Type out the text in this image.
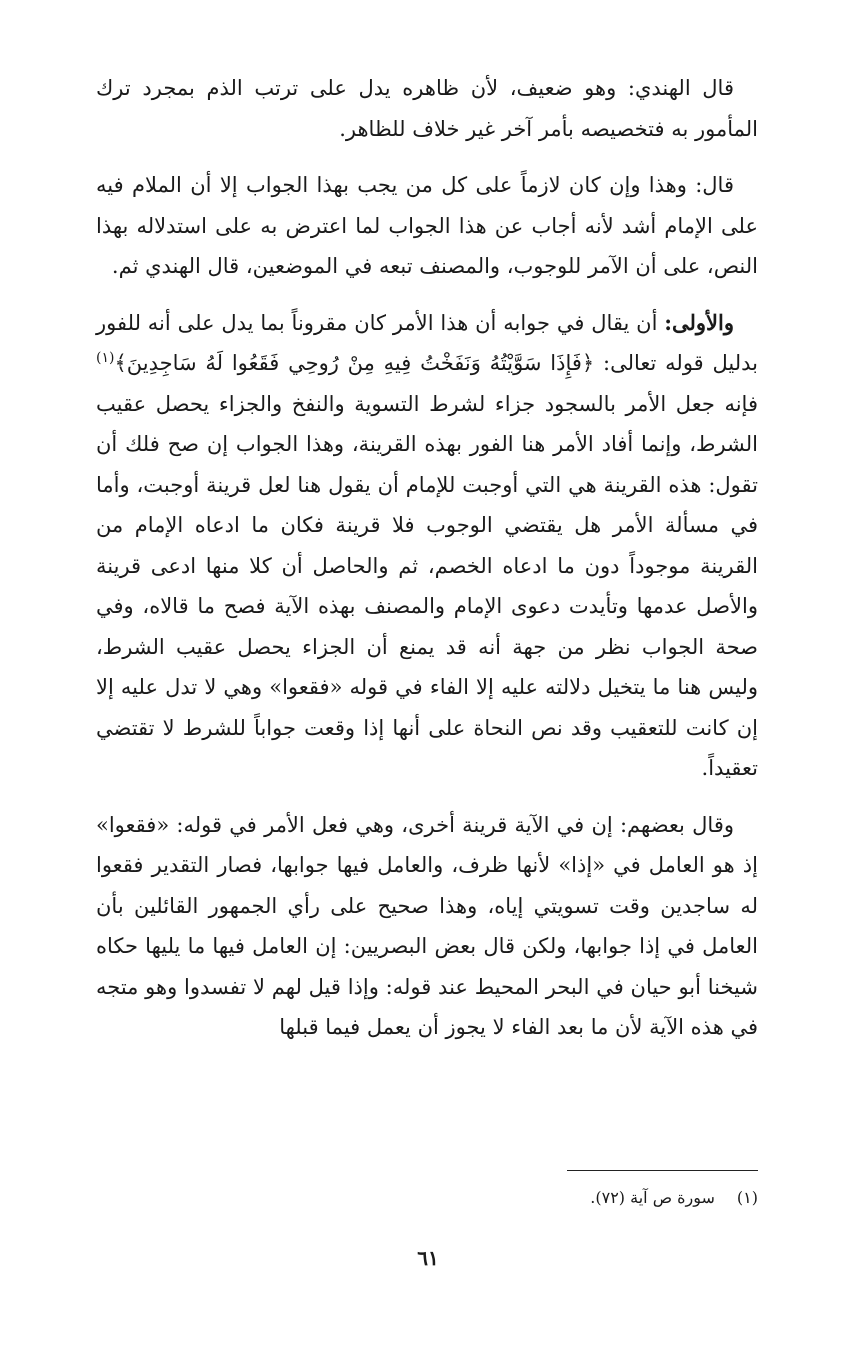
قال الهندي: وهو ضعيف، لأن ظاهره يدل على ترتب الذم بمجرد ترك المأمور به فتخصيصه بأمر آخر غير خلاف للظاهر.

قال: وهذا وإن كان لازماً على كل من يجب بهذا الجواب إلا أن الملام فيه على الإمام أشد لأنه أجاب عن هذا الجواب لما اعترض به على استدلاله بهذا النص، على أن الآمر للوجوب، والمصنف تبعه في الموضعين، قال الهندي ثم.

والأولى: أن يقال في جوابه أن هذا الأمر كان مقروناً بما يدل على أنه للفور بدليل قوله تعالى: ﴿فَإِذَا سَوَّيْتُهُ وَنَفَخْتُ فِيهِ مِنْ رُوحِي فَقَعُوا لَهُ سَاجِدِينَ﴾$^{(١)}$ فإنه جعل الأمر بالسجود جزاء لشرط التسوية والنفخ والجزاء يحصل عقيب الشرط، وإنما أفاد الأمر هنا الفور بهذه القرينة، وهذا الجواب إن صح فلك أن تقول: هذه القرينة هي التي أوجبت للإمام أن يقول هنا لعل قرينة أوجبت، وأما في مسألة الأمر هل يقتضي الوجوب فلا قرينة فكان ما ادعاه الإمام من القرينة موجوداً دون ما ادعاه الخصم، ثم والحاصل أن كلا منها ادعى قرينة والأصل عدمها وتأيدت دعوى الإمام والمصنف بهذه الآية فصح ما قالاه، وفي صحة الجواب نظر من جهة أنه قد يمنع أن الجزاء يحصل عقيب الشرط، وليس هنا ما يتخيل دلالته عليه إلا الفاء في قوله «فقعوا» وهي لا تدل عليه إلا إن كانت للتعقيب وقد نص النحاة على أنها إذا وقعت جواباً للشرط لا تقتضي تعقيداً.

وقال بعضهم: إن في الآية قرينة أخرى، وهي فعل الأمر في قوله: «فقعوا» إذ هو العامل في «إذا» لأنها ظرف، والعامل فيها جوابها، فصار التقدير فقعوا له ساجدين وقت تسويتي إياه، وهذا صحيح على رأي الجمهور القائلين بأن العامل في إذا جوابها، ولكن قال بعض البصريين: إن العامل فيها ما يليها حكاه شيخنا أبو حيان في البحر المحيط عند قوله: وإذا قيل لهم لا تفسدوا وهو متجه في هذه الآية لأن ما بعد الفاء لا يجوز أن يعمل فيما قبلها

(١)سورة ص آية (٧٢).
٦١
